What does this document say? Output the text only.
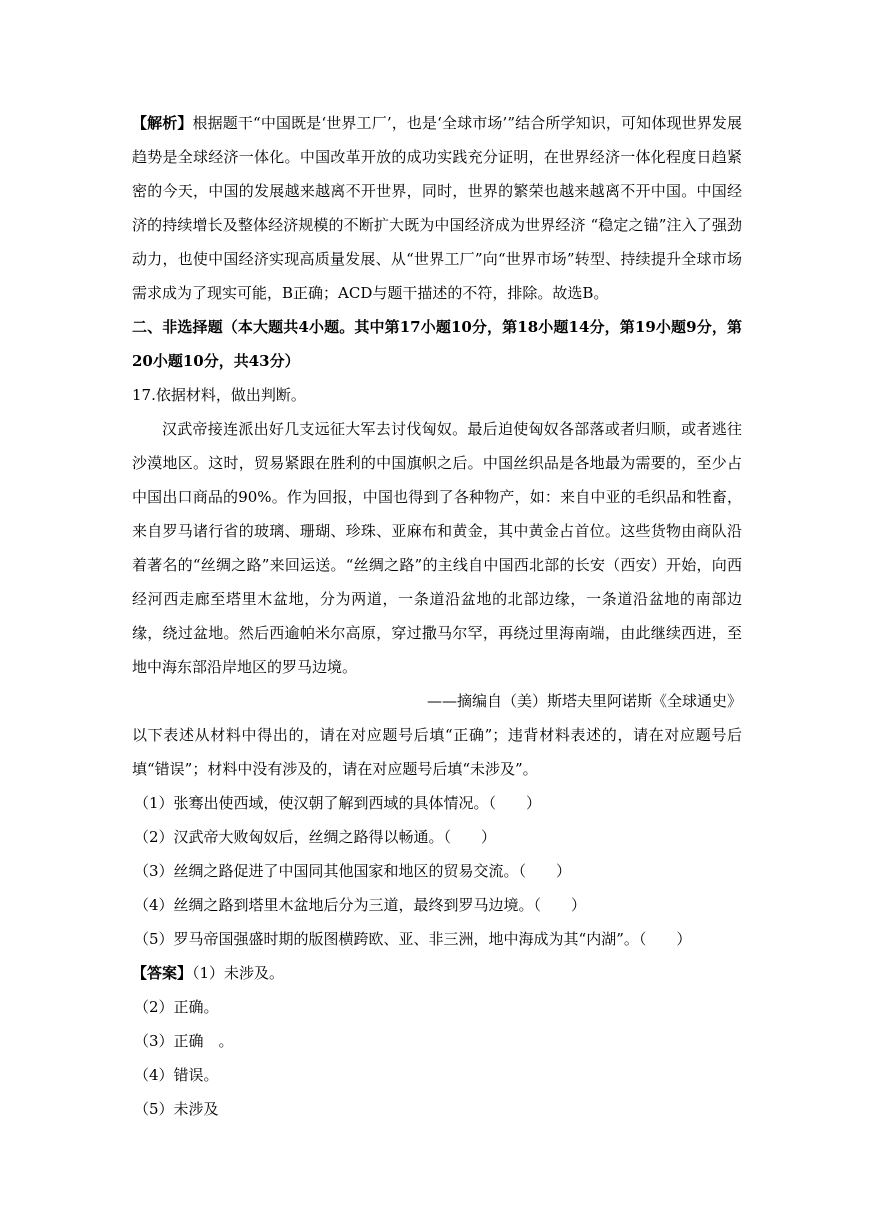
【解析】根据题干“中国既是‘世界工厂’，也是‘全球市场’”结合所学知识，可知体现世界发展趋势是全球经济一体化。中国改革开放的成功实践充分证明，在世界经济一体化程度日趋紧密的今天，中国的发展越来越离不开世界，同时，世界的繁荣也越来越离不开中国。中国经济的持续增长及整体经济规模的不断扩大既为中国经济成为世界经济 “稳定之锚”注入了强劲动力，也使中国经济实现高质量发展、从“世界工厂”向“世界市场”转型、持续提升全球市场需求成为了现实可能，B正确；ACD与题干描述的不符，排除。故选B。

二、非选择题（本大题共4小题。其中第17小题10分，第18小题14分，第19小题9分，第20小题10分，共43分）

17.依据材料，做出判断。

汉武帝接连派出好几支远征大军去讨伐匈奴。最后迫使匈奴各部落或者归顺，或者逃往沙漠地区。这时，贸易紧跟在胜利的中国旗帜之后。中国丝织品是各地最为需要的，至少占中国出口商品的90%。作为回报，中国也得到了各种物产，如：来自中亚的毛织品和牲畜，来自罗马诸行省的玻璃、珊瑚、珍珠、亚麻布和黄金，其中黄金占首位。这些货物由商队沿着著名的“丝绸之路”来回运送。“丝绸之路”的主线自中国西北部的长安（西安）开始，向西经河西走廊至塔里木盆地，分为两道，一条道沿盆地的北部边缘，一条道沿盆地的南部边缘，绕过盆地。然后西逾帕米尔高原，穿过撒马尔罕，再绕过里海南端，由此继续西进，至地中海东部沿岸地区的罗马边境。

——摘编自（美）斯塔夫里阿诺斯《全球通史》

以下表述从材料中得出的，请在对应题号后填“正确”；违背材料表述的，请在对应题号后填“错误”；材料中没有涉及的，请在对应题号后填“未涉及”。

（1）张骞出使西域，使汉朝了解到西域的具体情况。（　　）

（2）汉武帝大败匈奴后，丝绸之路得以畅通。（　　）

（3）丝绸之路促进了中国同其他国家和地区的贸易交流。（　　）

（4）丝绸之路到塔里木盆地后分为三道，最终到罗马边境。（　　）

（5）罗马帝国强盛时期的版图横跨欧、亚、非三洲，地中海成为其“内湖”。（　　）

【答案】（1）未涉及。

（2）正确。

（3）正确　。

（4）错误。

（5）未涉及
